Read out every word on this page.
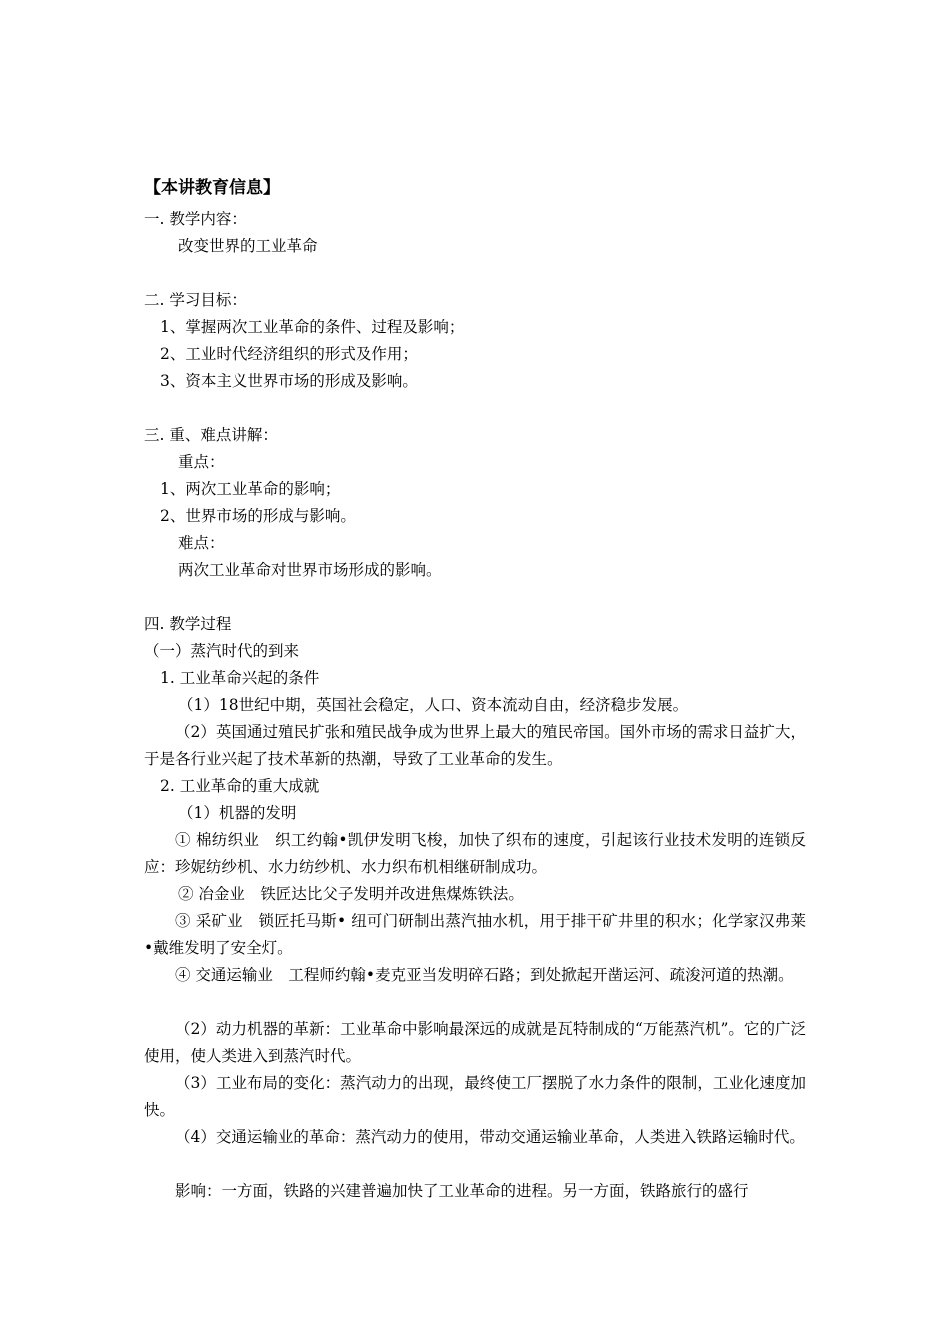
【本讲教育信息】
一. 教学内容：
改变世界的工业革命
二. 学习目标：
1、掌握两次工业革命的条件、过程及影响；
2、工业时代经济组织的形式及作用；
3、资本主义世界市场的形成及影响。
三. 重、难点讲解：
重点：
1、两次工业革命的影响；
2、世界市场的形成与影响。
难点：
两次工业革命对世界市场形成的影响。
四. 教学过程
（一）蒸汽时代的到来
1. 工业革命兴起的条件
（1）18世纪中期，英国社会稳定，人口、资本流动自由，经济稳步发展。
（2）英国通过殖民扩张和殖民战争成为世界上最大的殖民帝国。国外市场的需求日益扩大，于是各行业兴起了技术革新的热潮，导致了工业革命的发生。
2. 工业革命的重大成就
（1）机器的发明
① 棉纺织业　织工约翰•凯伊发明飞梭，加快了织布的速度，引起该行业技术发明的连锁反应：珍妮纺纱机、水力纺纱机、水力织布机相继研制成功。
② 冶金业　铁匠达比父子发明并改进焦煤炼铁法。
③ 采矿业　锁匠托马斯• 纽可门研制出蒸汽抽水机，用于排干矿井里的积水；化学家汉弗莱•戴维发明了安全灯。
④ 交通运输业　工程师约翰•麦克亚当发明碎石路；到处掀起开凿运河、疏浚河道的热潮。
（2）动力机器的革新：工业革命中影响最深远的成就是瓦特制成的“万能蒸汽机”。它的广泛使用，使人类进入到蒸汽时代。
（3）工业布局的变化：蒸汽动力的出现，最终使工厂摆脱了水力条件的限制，工业化速度加快。
（4）交通运输业的革命：蒸汽动力的使用，带动交通运输业革命，人类进入铁路运输时代。
影响：一方面，铁路的兴建普遍加快了工业革命的进程。另一方面，铁路旅行的盛行
